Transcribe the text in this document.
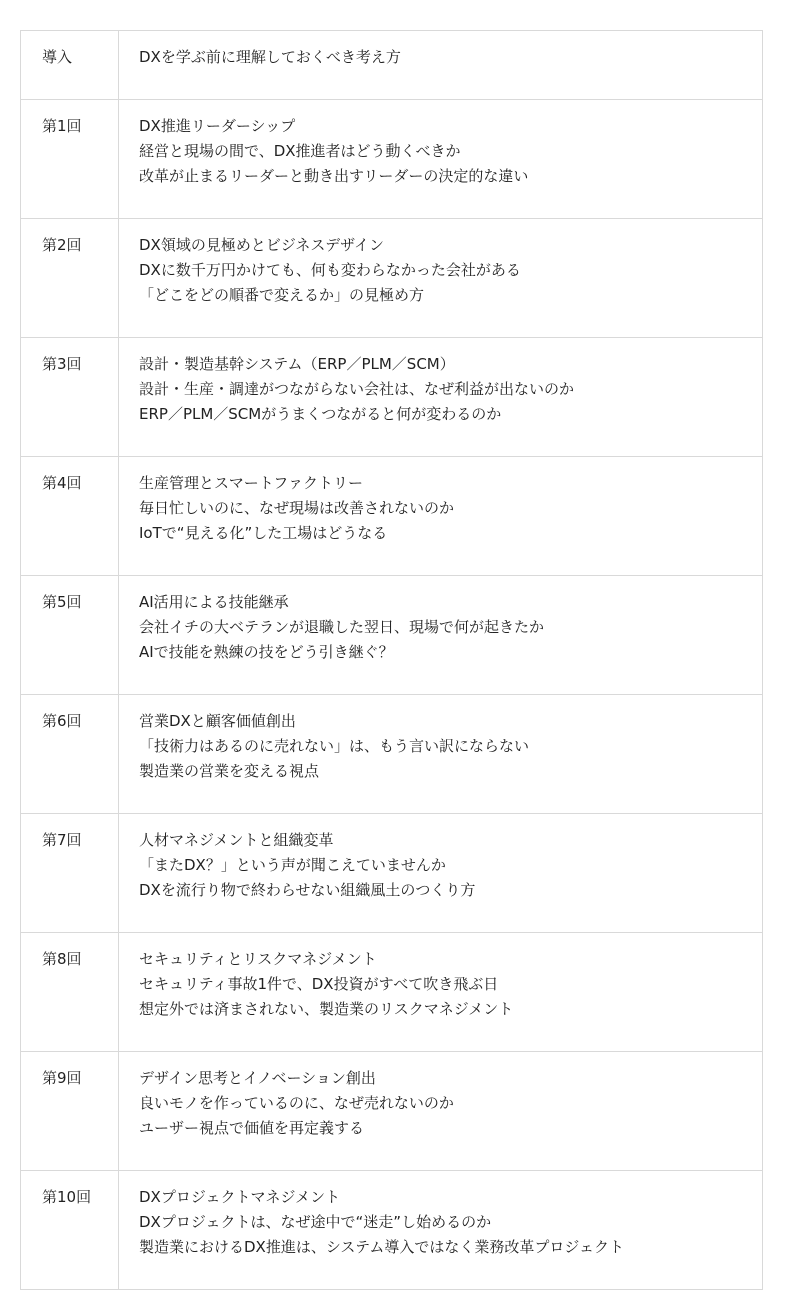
導入	DXを学ぶ前に理解しておくべき考え方
第1回	DX推進リーダーシップ
経営と現場の間で、DX推進者はどう動くべきか
改革が止まるリーダーと動き出すリーダーの決定的な違い

第2回	DX領域の見極めとビジネスデザイン
DXに数千万円かけても、何も変わらなかった会社がある
「どこをどの順番で変えるか」の見極め方

第3回	設計・製造基幹システム（ERP／PLM／SCM）
設計・生産・調達がつながらない会社は、なぜ利益が出ないのか
ERP／PLM／SCMがうまくつながると何が変わるのか

第4回	生産管理とスマートファクトリー
毎日忙しいのに、なぜ現場は改善されないのか
IoTで“見える化”した工場はどうなる

第5回	AI活用による技能継承
会社イチの大ベテランが退職した翌日、現場で何が起きたか
AIで技能を熟練の技をどう引き継ぐ？

第6回	営業DXと顧客価値創出
「技術力はあるのに売れない」は、もう言い訳にならない
製造業の営業を変える視点

第7回	人材マネジメントと組織変革
「またDX？」という声が聞こえていませんか
DXを流行り物で終わらせない組織風土のつくり方

第8回	セキュリティとリスクマネジメント
セキュリティ事故1件で、DX投資がすべて吹き飛ぶ日
想定外では済まされない、製造業のリスクマネジメント

第9回	デザイン思考とイノベーション創出
良いモノを作っているのに、なぜ売れないのか
ユーザー視点で価値を再定義する

第10回	DXプロジェクトマネジメント
DXプロジェクトは、なぜ途中で“迷走”し始めるのか
製造業におけるDX推進は、システム導入ではなく業務改革プロジェクト
